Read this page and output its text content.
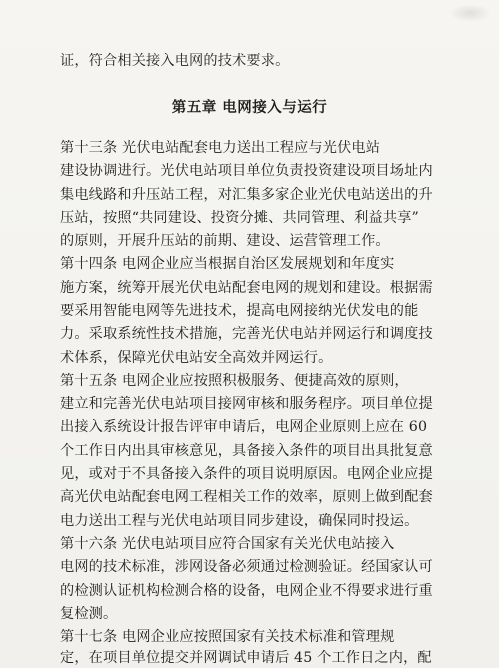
证，符合相关接入电网的技术要求。
第五章 电网接入与运行
第十三条 光伏电站配套电力送出工程应与光伏电站
建设协调进行。光伏电站项目单位负责投资建设项目场址内
集电线路和升压站工程，对汇集多家企业光伏电站送出的升
压站，按照“共同建设、投资分摊、共同管理、利益共享”
的原则，开展升压站的前期、建设、运营管理工作。
第十四条 电网企业应当根据自治区发展规划和年度实
施方案，统筹开展光伏电站配套电网的规划和建设。根据需
要采用智能电网等先进技术，提高电网接纳光伏发电的能
力。采取系统性技术措施，完善光伏电站并网运行和调度技
术体系，保障光伏电站安全高效并网运行。
第十五条 电网企业应按照积极服务、便捷高效的原则，
建立和完善光伏电站项目接网审核和服务程序。项目单位提
出接入系统设计报告评审申请后，电网企业原则上应在 60
个工作日内出具审核意见，具备接入条件的项目出具批复意
见，或对于不具备接入条件的项目说明原因。电网企业应提
高光伏电站配套电网工程相关工作的效率，原则上做到配套
电力送出工程与光伏电站项目同步建设，确保同时投运。
第十六条 光伏电站项目应符合国家有关光伏电站接入
电网的技术标准，涉网设备必须通过检测验证。经国家认可
的检测认证机构检测合格的设备，电网企业不得要求进行重
复检测。
第十七条 电网企业应按照国家有关技术标准和管理规
定，在项目单位提交并网调试申请后 45 个工作日之内，配
